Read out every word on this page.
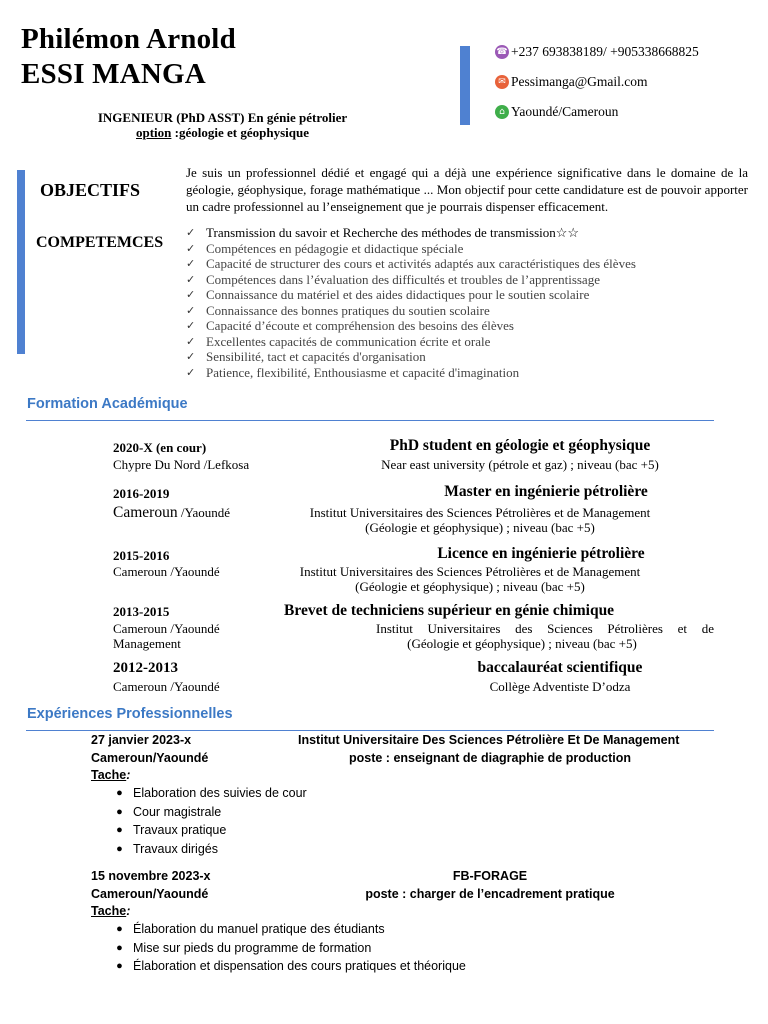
Philémon Arnold
ESSI MANGA
INGENIEUR (PhD ASST) En génie pétrolier
option :géologie et géophysique
☎ +237 693838189/ +905338668825
✉ Pessimanga@Gmail.com
⌂ Yaoundé/Cameroun
OBJECTIFS
Je suis un professionnel dédié et engagé qui a déjà une expérience significative dans le domaine de la géologie, géophysique, forage mathématique ... Mon objectif pour cette candidature est de pouvoir apporter un cadre professionnel au l’enseignement que je pourrais dispenser efficacement.
COMPETEMCES
✓ Transmission du savoir et Recherche des méthodes de transmission☆☆
✓ Compétences en pédagogie et didactique spéciale
✓ Capacité de structurer des cours et activités adaptés aux caractéristiques des élèves
✓ Compétences dans l’évaluation des difficultés et troubles de l’apprentissage
✓ Connaissance du matériel et des aides didactiques pour le soutien scolaire
✓ Connaissance des bonnes pratiques du soutien scolaire
✓ Capacité d’écoute et compréhension des besoins des élèves
✓ Excellentes capacités de communication écrite et orale
✓ Sensibilité, tact et capacités d'organisation
✓ Patience, flexibilité, Enthousiasme et capacité d'imagination
Formation Académique
2020-X (en cour)
Chypre Du Nord /Lefkosa
PhD student en géologie et géophysique
Near east university (pétrole et gaz) ; niveau (bac +5)
2016-2019
Cameroun /Yaoundé
Master en ingénierie pétrolière
Institut Universitaires des Sciences Pétrolières et de Management
(Géologie et géophysique) ; niveau (bac +5)
2015-2016
Cameroun /Yaoundé
Licence en ingénierie pétrolière
Institut Universitaires des Sciences Pétrolières et de Management
(Géologie et géophysique) ; niveau (bac +5)
2013-2015
Cameroun /Yaoundé
Management
Brevet de techniciens supérieur en génie chimique
Institut Universitaires des Sciences Pétrolières et de
(Géologie et géophysique) ; niveau (bac +5)
2012-2013
Cameroun /Yaoundé
baccalauréat scientifique
Collège Adventiste D’odza
Expériences Professionnelles
27 janvier 2023-x
Cameroun/Yaoundé
Institut Universitaire Des Sciences Pétrolière Et De Management
poste : enseignant de diagraphie de production
Tache:
● Elaboration des suivies de cour
● Cour magistrale
● Travaux pratique
● Travaux dirigés
15 novembre 2023-x
Cameroun/Yaoundé
FB-FORAGE
poste : charger de l’encadrement pratique
Tache:
● Élaboration du manuel pratique des étudiants
● Mise sur pieds du programme de formation
● Élaboration et dispensation des cours pratiques et théorique
